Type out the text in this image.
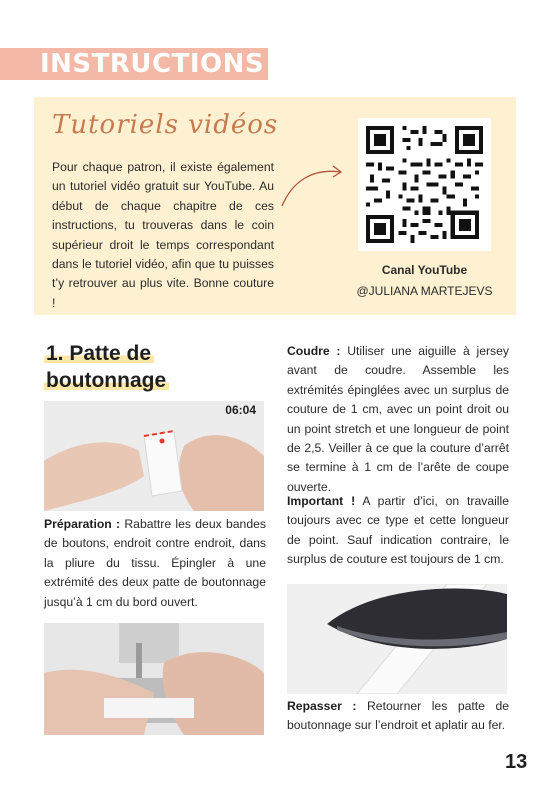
INSTRUCTIONS
Tutoriels vidéos

Pour chaque patron, il existe également un tutoriel vidéo gratuit sur YouTube. Au début de chaque chapitre de ces instructions, tu trouveras dans le coin supérieur droit le temps correspondant dans le tutoriel vidéo, afin que tu puisses t’y retrouver au plus vite. Bonne couture !

Canal YouTube
@JULIANA MARTEJEVS
1. Patte de
boutonnage
06:04

Préparation : Rabattre les deux bandes de boutons, endroit contre endroit, dans la pliure du tissu. Épingler à une extrémité des deux patte de boutonnage jusqu’à 1 cm du bord ouvert.

Coudre : Utiliser une aiguille à jersey avant de coudre. Assemble les extrémités épinglées avec un surplus de couture de 1 cm, avec un point droit ou un point stretch et une longueur de point de 2,5. Veiller à ce que la couture d’arrêt se termine à 1 cm de l’arête de coupe ouverte.

Important ! A partir d’ici, on travaille toujours avec ce type et cette longueur de point. Sauf indication contraire, le surplus de couture est toujours de 1 cm.

Repasser : Retourner les patte de boutonnage sur l’endroit et aplatir au fer.

13
